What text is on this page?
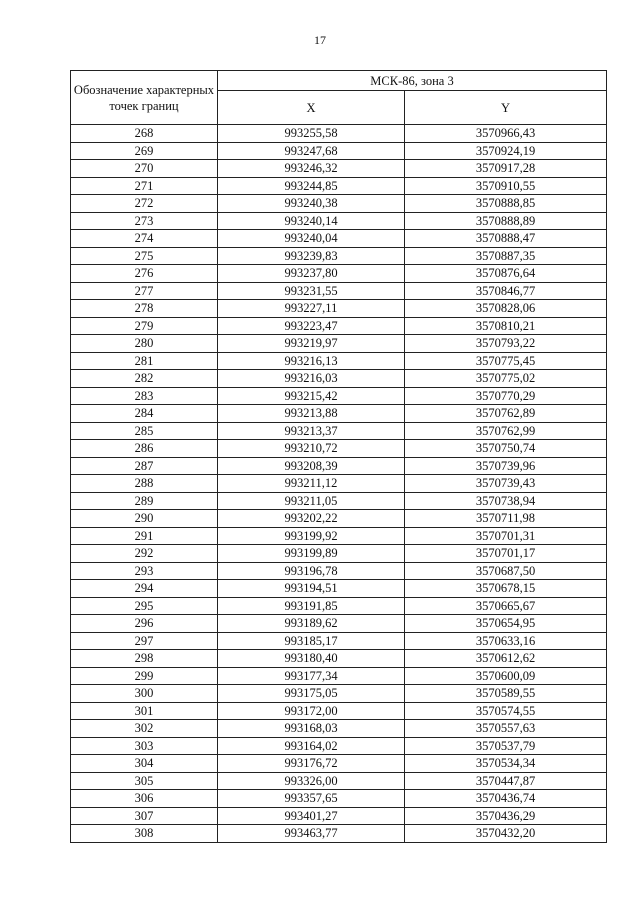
17
Обозначение характерных точек границ	МСК-86, зона 3	
	X	Y
268	993255,58	3570966,43
269	993247,68	3570924,19
270	993246,32	3570917,28
271	993244,85	3570910,55
272	993240,38	3570888,85
273	993240,14	3570888,89
274	993240,04	3570888,47
275	993239,83	3570887,35
276	993237,80	3570876,64
277	993231,55	3570846,77
278	993227,11	3570828,06
279	993223,47	3570810,21
280	993219,97	3570793,22
281	993216,13	3570775,45
282	993216,03	3570775,02
283	993215,42	3570770,29
284	993213,88	3570762,89
285	993213,37	3570762,99
286	993210,72	3570750,74
287	993208,39	3570739,96
288	993211,12	3570739,43
289	993211,05	3570738,94
290	993202,22	3570711,98
291	993199,92	3570701,31
292	993199,89	3570701,17
293	993196,78	3570687,50
294	993194,51	3570678,15
295	993191,85	3570665,67
296	993189,62	3570654,95
297	993185,17	3570633,16
298	993180,40	3570612,62
299	993177,34	3570600,09
300	993175,05	3570589,55
301	993172,00	3570574,55
302	993168,03	3570557,63
303	993164,02	3570537,79
304	993176,72	3570534,34
305	993326,00	3570447,87
306	993357,65	3570436,74
307	993401,27	3570436,29
308	993463,77	3570432,20
